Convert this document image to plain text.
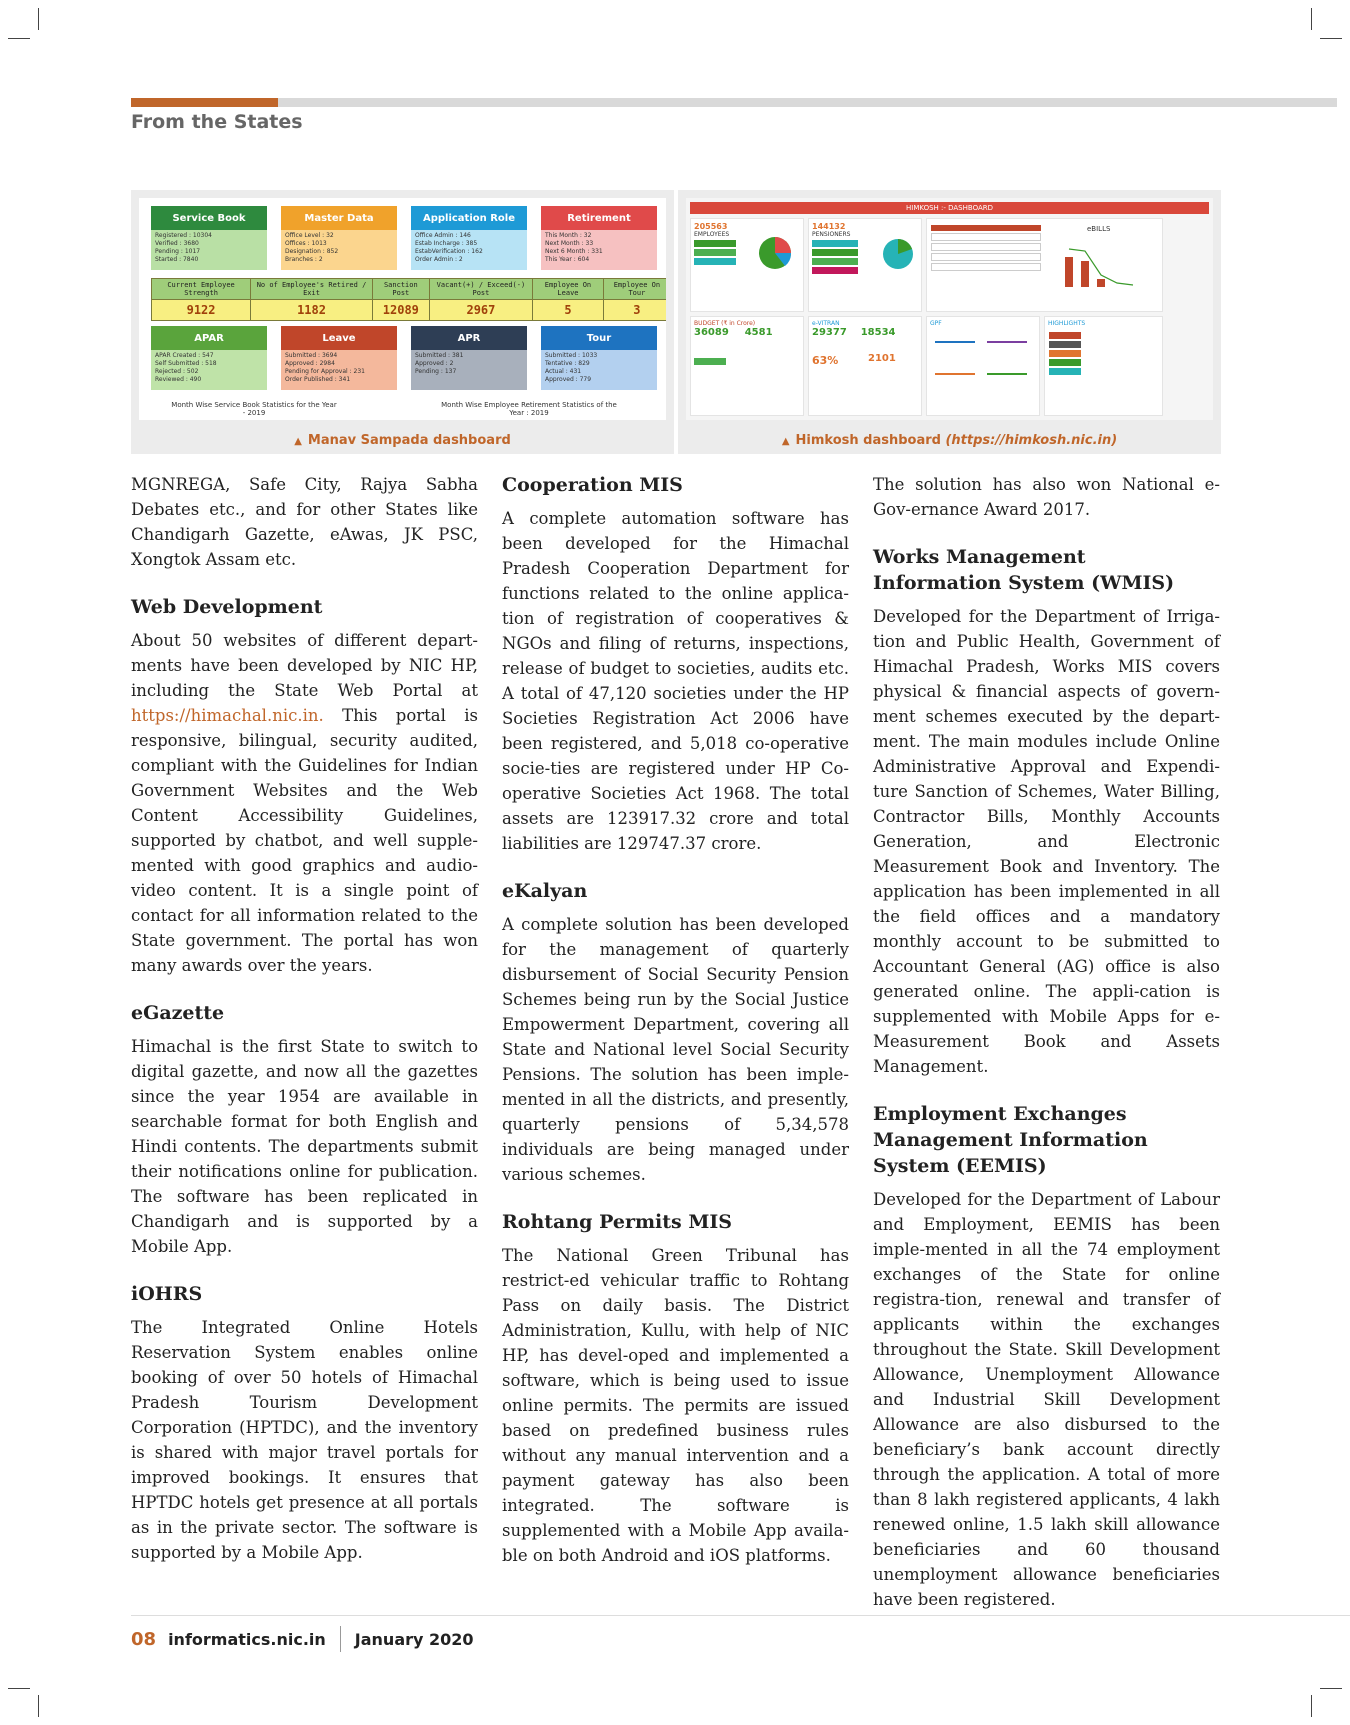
From the States
Service Book
Registered : 10304
Verified : 3680
Pending : 1017
Started : 7840
Master Data
Office Level : 32
Offices : 1013
Designation : 852
Branches : 2
Application Role
Office Admin : 146
Estab Incharge : 385
EstabVerification : 162
Order Admin : 2
Retirement
This Month : 32
Next Month : 33
Next 6 Month : 331
This Year : 604
Current Employee Strength	No of Employee's Retired / Exit	Sanction Post	Vacant(+) / Exceed(-) Post	Employee On Leave	Employee On Tour
9122	1182	12089	2967	5	3
APAR
APAR Created : 547
Self Submitted : 518
Rejected : 502
Reviewed : 490
Leave
Submitted : 3694
Approved : 2984
Pending for Approval : 231
Order Published : 341
APR
Submitted : 381
Approved : 2
Pending : 137
Tour
Submitted : 1033
Tentative : 829
Actual : 431
Approved : 779
Month Wise Service Book Statistics for the Year - 2019
Month Wise Employee Retirement Statistics of the Year : 2019
▲ Manav Sampada dashboard
HIMKOSH :- DASHBOARD
205563
EMPLOYEES
144132
PENSIONERS
eBILLS
BUDGET (₹ in Crore)
36089 4581
e-VITRAN
29377 18534
63%	2101
GPF	HIGHLIGHTS
▲ Himkosh dashboard (https://himkosh.nic.in)

MGNREGA, Safe City, Rajya Sabha Debates etc., and for other States like Chandigarh Gazette, eAwas, JK PSC, Xongtok Assam etc.

Web Development

About 50 websites of different depart-ments have been developed by NIC HP, including the State Web Portal at https://himachal.nic.in. This portal is responsive, bilingual, security audited, compliant with the Guidelines for Indian Government Websites and the Web Content Accessibility Guidelines, supported by chatbot, and well supple-mented with good graphics and audio-video content. It is a single point of contact for all information related to the State government. The portal has won many awards over the years.

eGazette

Himachal is the first State to switch to digital gazette, and now all the gazettes since the year 1954 are available in searchable format for both English and Hindi contents. The departments submit their notifications online for publication. The software has been replicated in Chandigarh and is supported by a Mobile App.

iOHRS

The Integrated Online Hotels Reservation System enables online booking of over 50 hotels of Himachal Pradesh Tourism Development Corporation (HPTDC), and the inventory is shared with major travel portals for improved bookings. It ensures that HPTDC hotels get presence at all portals as in the private sector. The software is supported by a Mobile App.

Cooperation MIS

A complete automation software has been developed for the Himachal Pradesh Cooperation Department for functions related to the online applica-tion of registration of cooperatives & NGOs and filing of returns, inspections, release of budget to societies, audits etc. A total of 47,120 societies under the HP Societies Registration Act 2006 have been registered, and 5,018 co-operative socie-ties are registered under HP Co-operative Societies Act 1968. The total assets are 123917.32 crore and total liabilities are 129747.37 crore.

eKalyan

A complete solution has been developed for the management of quarterly disbursement of Social Security Pension Schemes being run by the Social Justice Empowerment Department, covering all State and National level Social Security Pensions. The solution has been imple-mented in all the districts, and presently, quarterly pensions of 5,34,578 individuals are being managed under various schemes.

Rohtang Permits MIS

The National Green Tribunal has restrict-ed vehicular traffic to Rohtang Pass on daily basis. The District Administration, Kullu, with help of NIC HP, has devel-oped and implemented a software, which is being used to issue online permits. The permits are issued based on predefined business rules without any manual intervention and a payment gateway has also been integrated. The software is supplemented with a Mobile App availa-ble on both Android and iOS platforms.

The solution has also won National e-Gov-ernance Award 2017.

Works Management Information System (WMIS)

Developed for the Department of Irriga-tion and Public Health, Government of Himachal Pradesh, Works MIS covers physical & financial aspects of govern-ment schemes executed by the depart-ment. The main modules include Online Administrative Approval and Expendi-ture Sanction of Schemes, Water Billing, Contractor Bills, Monthly Accounts Generation, and Electronic Measurement Book and Inventory. The application has been implemented in all the field offices and a mandatory monthly account to be submitted to Accountant General (AG) office is also generated online. The appli-cation is supplemented with Mobile Apps for e-Measurement Book and Assets Management.

Employment Exchanges Management Information System (EEMIS)

Developed for the Department of Labour and Employment, EEMIS has been imple-mented in all the 74 employment exchanges of the State for online registra-tion, renewal and transfer of applicants within the exchanges throughout the State. Skill Development Allowance, Unemployment Allowance and Industrial Skill Development Allowance are also disbursed to the beneficiary’s bank account directly through the application. A total of more than 8 lakh registered applicants, 4 lakh renewed online, 1.5 lakh skill allowance beneficiaries and 60 thousand unemployment allowance beneficiaries have been registered.

08 informatics.nic.in January 2020
